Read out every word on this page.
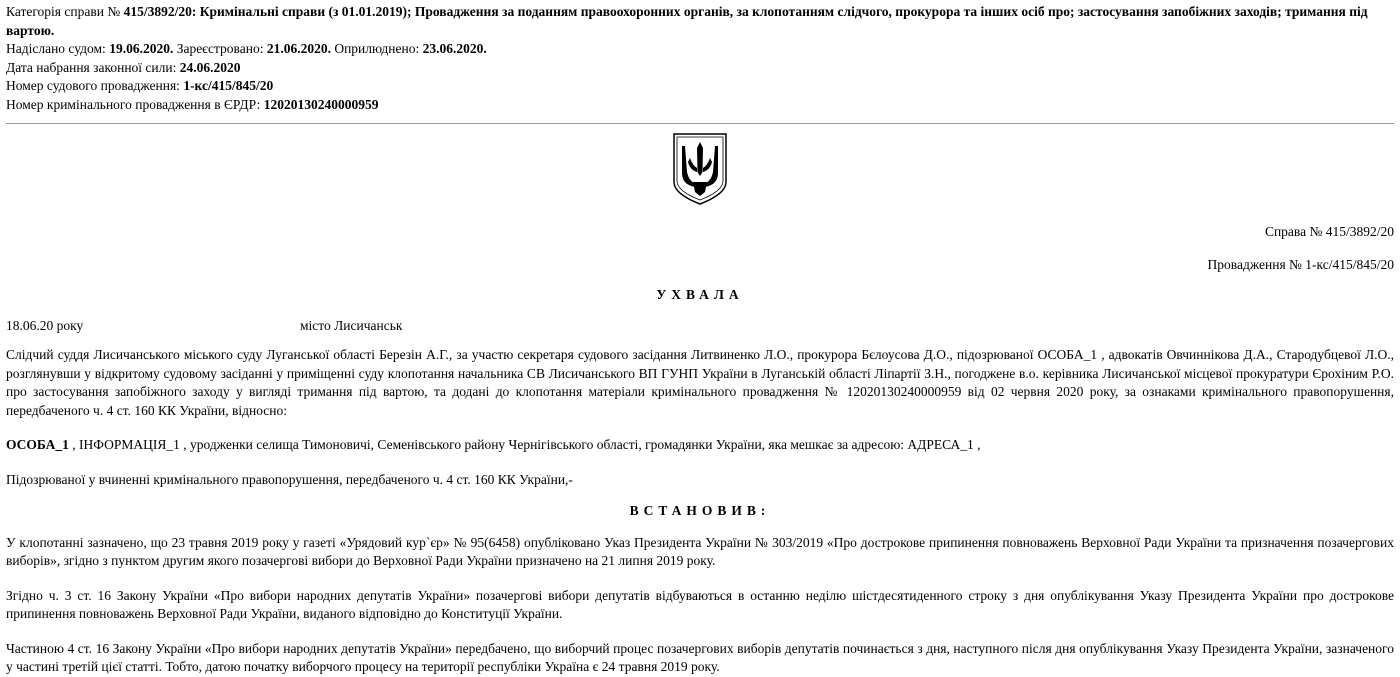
Категорія справи № 415/3892/20: Кримінальні справи (з 01.01.2019); Провадження за поданням правоохоронних органів, за клопотанням слідчого, прокурора та інших осіб про; застосування запобіжних заходів; тримання під вартою.
Надіслано судом: 19.06.2020. Зареєстровано: 21.06.2020. Оприлюднено: 23.06.2020.
Дата набрання законної сили: 24.06.2020
Номер судового провадження: 1-кс/415/845/20
Номер кримінального провадження в ЄРДР: 12020130240000959
Справа № 415/3892/20
Провадження № 1-кс/415/845/20
УХВАЛА
18.06.20 року	місто Лисичанськ
Слідчий суддя Лисичанського міського суду Луганської області Березін А.Г., за участю секретаря судового засідання Литвиненко Л.О., прокурора Бєлоусова Д.О., підозрюваної ОСОБА_1 , адвокатів Овчиннікова Д.А., Стародубцевої Л.О., розглянувши у відкритому судовому засіданні у приміщенні суду клопотання начальника СВ Лисичанського ВП ГУНП України в Луганській області Ліпартії З.Н., погоджене в.о. керівника Лисичанської місцевої прокуратури Єрохіним Р.О. про застосування запобіжного заходу у вигляді тримання під вартою, та додані до клопотання матеріали кримінального провадження № 12020130240000959 від 02 червня 2020 року, за ознаками кримінального правопорушення, передбаченого ч. 4 ст. 160 КК України, відносно:
ОСОБА_1 , ІНФОРМАЦІЯ_1 , уродженки селища Тимоновичі, Семенівського району Чернігівського області, громадянки України, яка мешкає за адресою: АДРЕСА_1 ,
Підозрюваної у вчиненні кримінального правопорушення, передбаченого ч. 4 ст. 160 КК України,-
ВСТАНОВИВ:
У клопотанні зазначено, що 23 травня 2019 року у газеті «Урядовий кур`єр» № 95(6458) опубліковано Указ Президента України № 303/2019 «Про дострокове припинення повноважень Верховної Ради України та призначення позачергових виборів», згідно з пунктом другим якого позачергові вибори до Верховної Ради України призначено на 21 липня 2019 року.
Згідно ч. 3 ст. 16 Закону України «Про вибори народних депутатів України» позачергові вибори депутатів відбуваються в останню неділю шістдесятиденного строку з дня опублікування Указу Президента України про дострокове припинення повноважень Верховної Ради України, виданого відповідно до Конституції України.
Частиною 4 ст. 16 Закону України «Про вибори народних депутатів України» передбачено, що виборчий процес позачергових виборів депутатів починається з дня, наступного після дня опублікування Указу Президента України, зазначеного у частині третій цієї статті. Тобто, датою початку виборчого процесу на території республіки Україна є 24 травня 2019 року.
